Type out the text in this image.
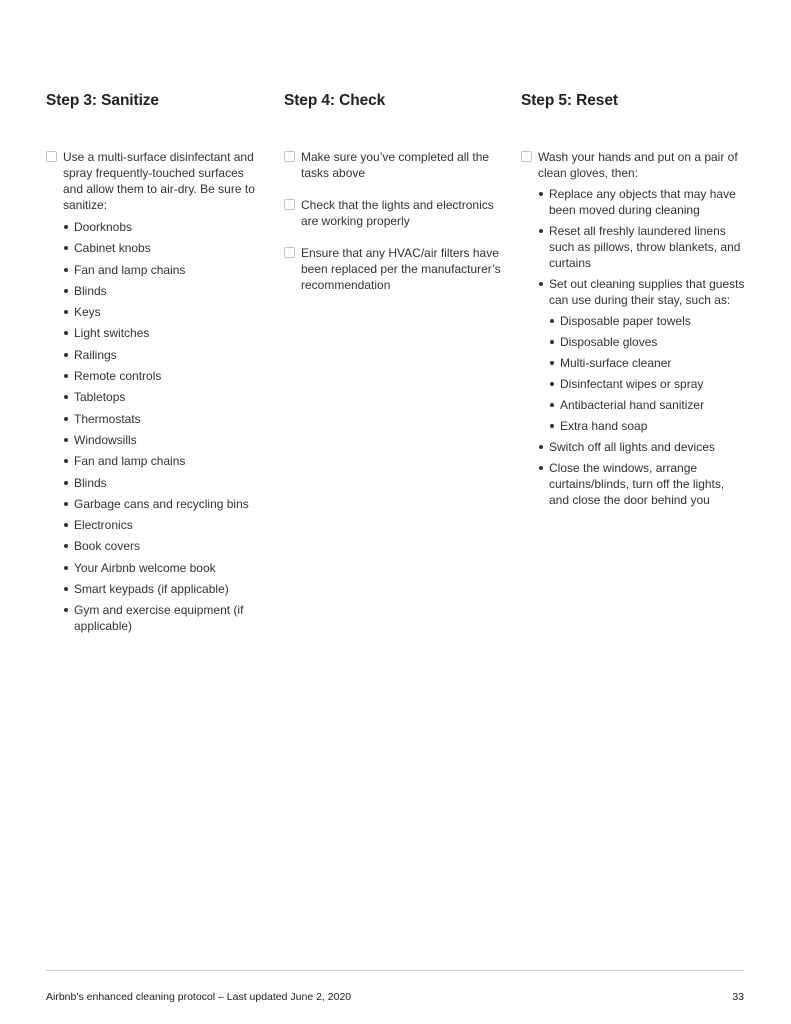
Step 3: Sanitize
Use a multi-surface disinfectant and spray frequently-touched surfaces and allow them to air-dry. Be sure to sanitize:
Doorknobs
Cabinet knobs
Fan and lamp chains
Blinds
Keys
Light switches
Railings
Remote controls
Tabletops
Thermostats
Windowsills
Fan and lamp chains
Blinds
Garbage cans and recycling bins
Electronics
Book covers
Your Airbnb welcome book
Smart keypads (if applicable)
Gym and exercise equipment (if applicable)
Step 4: Check
Make sure you’ve completed all the tasks above
Check that the lights and electronics are working properly
Ensure that any HVAC/air filters have been replaced per the manufacturer’s recommendation
Step 5: Reset
Wash your hands and put on a pair of clean gloves, then:
Replace any objects that may have been moved during cleaning
Reset all freshly laundered linens such as pillows, throw blankets, and curtains
Set out cleaning supplies that guests can use during their stay, such as:
Disposable paper towels
Disposable gloves
Multi-surface cleaner
Disinfectant wipes or spray
Antibacterial hand sanitizer
Extra hand soap
Switch off all lights and devices
Close the windows, arrange curtains/blinds, turn off the lights, and close the door behind you
Airbnb’s enhanced cleaning protocol – Last updated June 2, 2020	33
